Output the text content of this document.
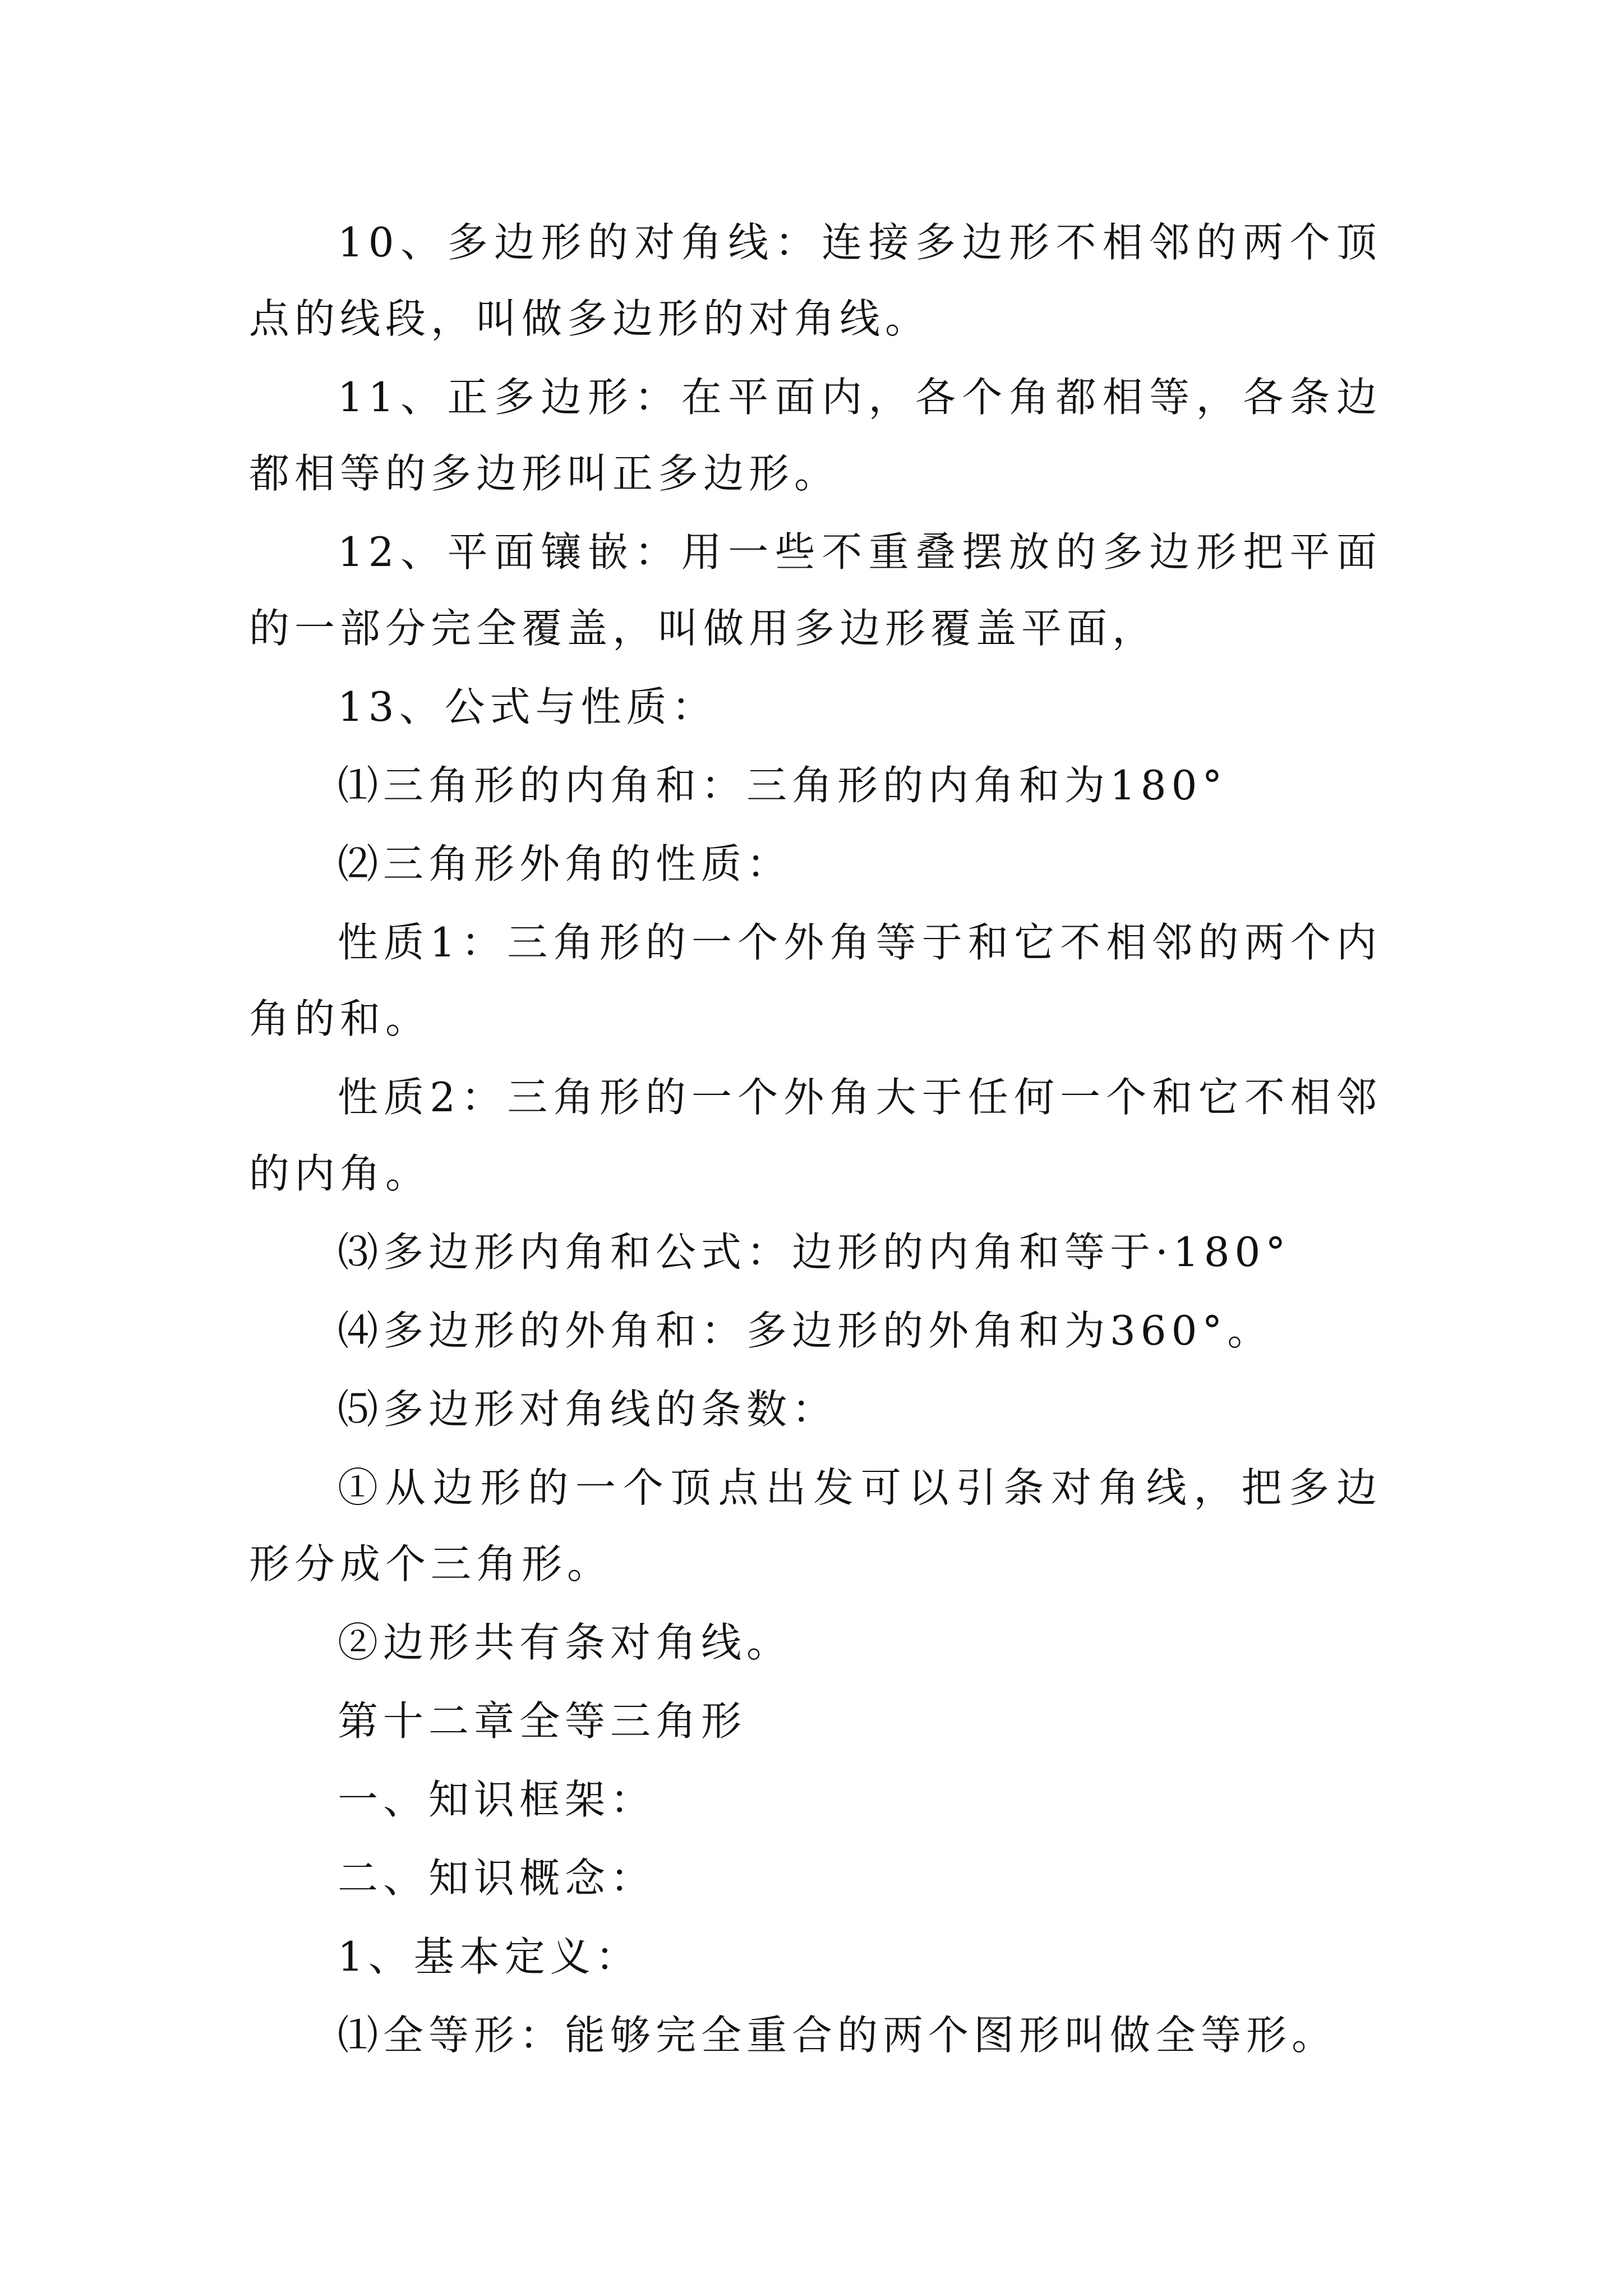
10、多边形的对角线：连接多边形不相邻的两个顶点的线段，叫做多边形的对角线。

11、正多边形：在平面内，各个角都相等，各条边都相等的多边形叫正多边形。

12、平面镶嵌：用一些不重叠摆放的多边形把平面的一部分完全覆盖，叫做用多边形覆盖平面，

13、公式与性质：

⑴三角形的内角和：三角形的内角和为180°

⑵三角形外角的性质：

性质1：三角形的一个外角等于和它不相邻的两个内角的和。

性质2：三角形的一个外角大于任何一个和它不相邻的内角。

⑶多边形内角和公式：边形的内角和等于·180°

⑷多边形的外角和：多边形的外角和为360°。

⑸多边形对角线的条数：

①从边形的一个顶点出发可以引条对角线，把多边形分成个三角形。

②边形共有条对角线。

第十二章全等三角形

一、知识框架：

二、知识概念：

1、基本定义：

⑴全等形：能够完全重合的两个图形叫做全等形。
